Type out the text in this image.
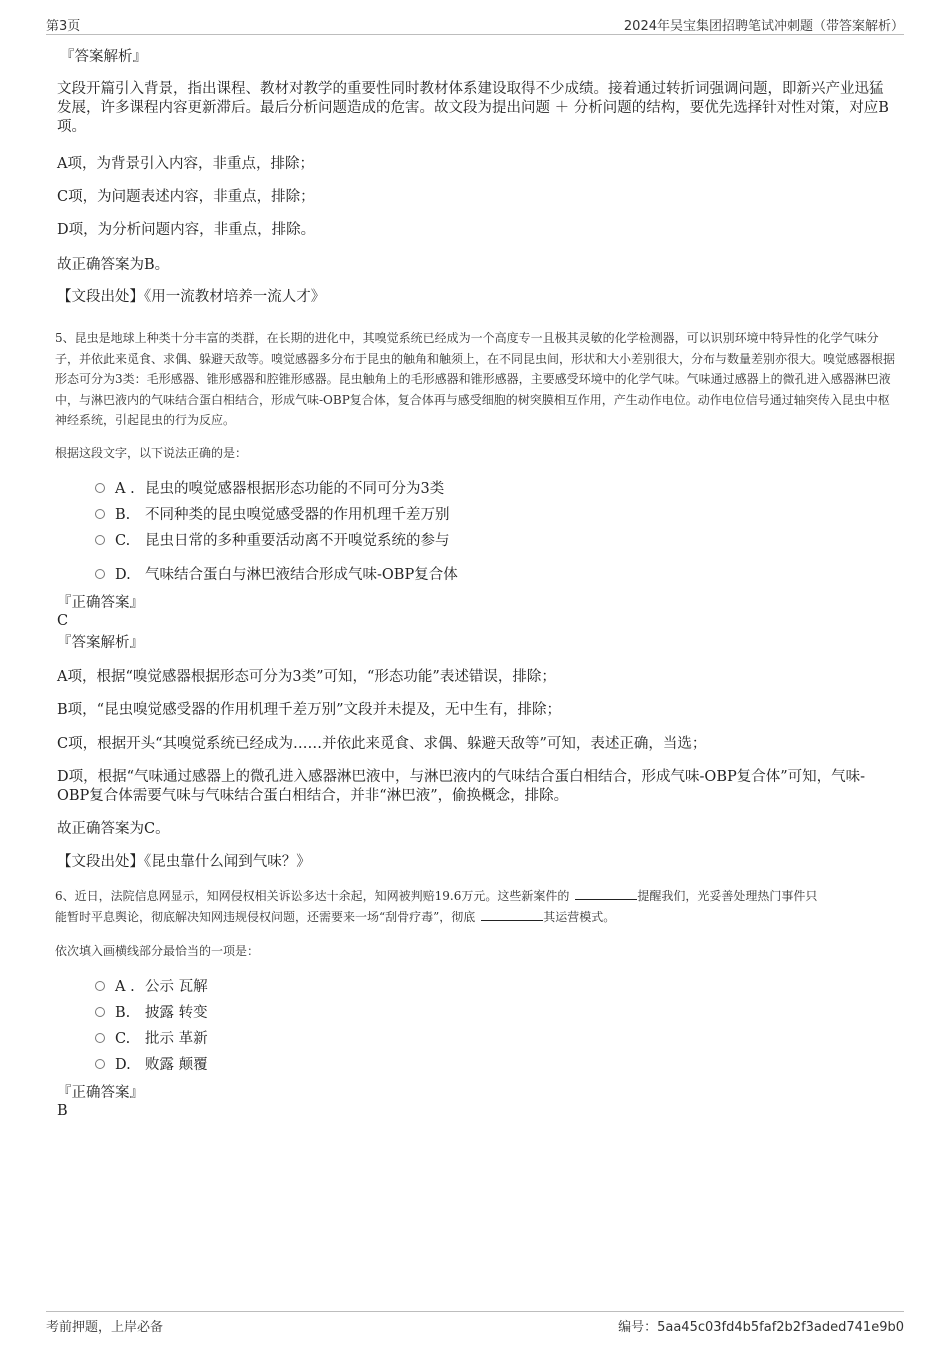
第3页	2024年吴宝集团招聘笔试冲刺题（带答案解析）
『答案解析』
文段开篇引入背景，指出课程、教材对教学的重要性同时教材体系建设取得不少成绩。接着通过转折词强调问题，即新兴产业迅猛发展，许多课程内容更新滞后。最后分析问题造成的危害。故文段为提出问题 ＋ 分析问题的结构，要优先选择针对性对策，对应B项。
A项，为背景引入内容，非重点，排除；
C项，为问题表述内容，非重点，排除；
D项，为分析问题内容，非重点，排除。
故正确答案为B。
【文段出处】《用一流教材培养一流人才》
5、昆虫是地球上种类十分丰富的类群，在长期的进化中，其嗅觉系统已经成为一个高度专一且极其灵敏的化学检测器，可以识别环境中特异性的化学气味分子，并依此来觅食、求偶、躲避天敌等。嗅觉感器多分布于昆虫的触角和触须上，在不同昆虫间，形状和大小差别很大，分布与数量差别亦很大。嗅觉感器根据形态可分为3类：毛形感器、锥形感器和腔锥形感器。昆虫触角上的毛形感器和锥形感器，主要感受环境中的化学气味。气味通过感器上的微孔进入感器淋巴液中，与淋巴液内的气味结合蛋白相结合，形成气味-OBP复合体，复合体再与感受细胞的树突膜相互作用，产生动作电位。动作电位信号通过轴突传入昆虫中枢神经系统，引起昆虫的行为反应。
根据这段文字，以下说法正确的是：
A . 昆虫的嗅觉感器根据形态功能的不同可分为3类
B. 不同种类的昆虫嗅觉感受器的作用机理千差万别
C. 昆虫日常的多种重要活动离不开嗅觉系统的参与
D. 气味结合蛋白与淋巴液结合形成气味-OBP复合体
『正确答案』
C
『答案解析』
A项，根据“嗅觉感器根据形态可分为3类”可知，“形态功能”表述错误，排除；
B项，“昆虫嗅觉感受器的作用机理千差万别”文段并未提及，无中生有，排除；
C项，根据开头“其嗅觉系统已经成为……并依此来觅食、求偶、躲避天敌等”可知，表述正确，当选；
D项，根据“气味通过感器上的微孔进入感器淋巴液中，与淋巴液内的气味结合蛋白相结合，形成气味-OBP复合体”可知，气味-OBP复合体需要气味与气味结合蛋白相结合，并非“淋巴液”，偷换概念，排除。
故正确答案为C。
【文段出处】《昆虫靠什么闻到气味？》
6、近日，法院信息网显示，知网侵权相关诉讼多达十余起，知网被判赔19.6万元。这些新案件的	提醒我们，光妥善处理热门事件只
能暂时平息舆论，彻底解决知网违规侵权问题，还需要来一场“刮骨疗毒”，彻底	其运营模式。
依次填入画横线部分最恰当的一项是：
A . 公示 瓦解
B. 披露 转变
C. 批示 革新
D. 败露 颠覆
『正确答案』
B
考前押题，上岸必备	编号：5aa45c03fd4b5faf2b2f3aded741e9b0
